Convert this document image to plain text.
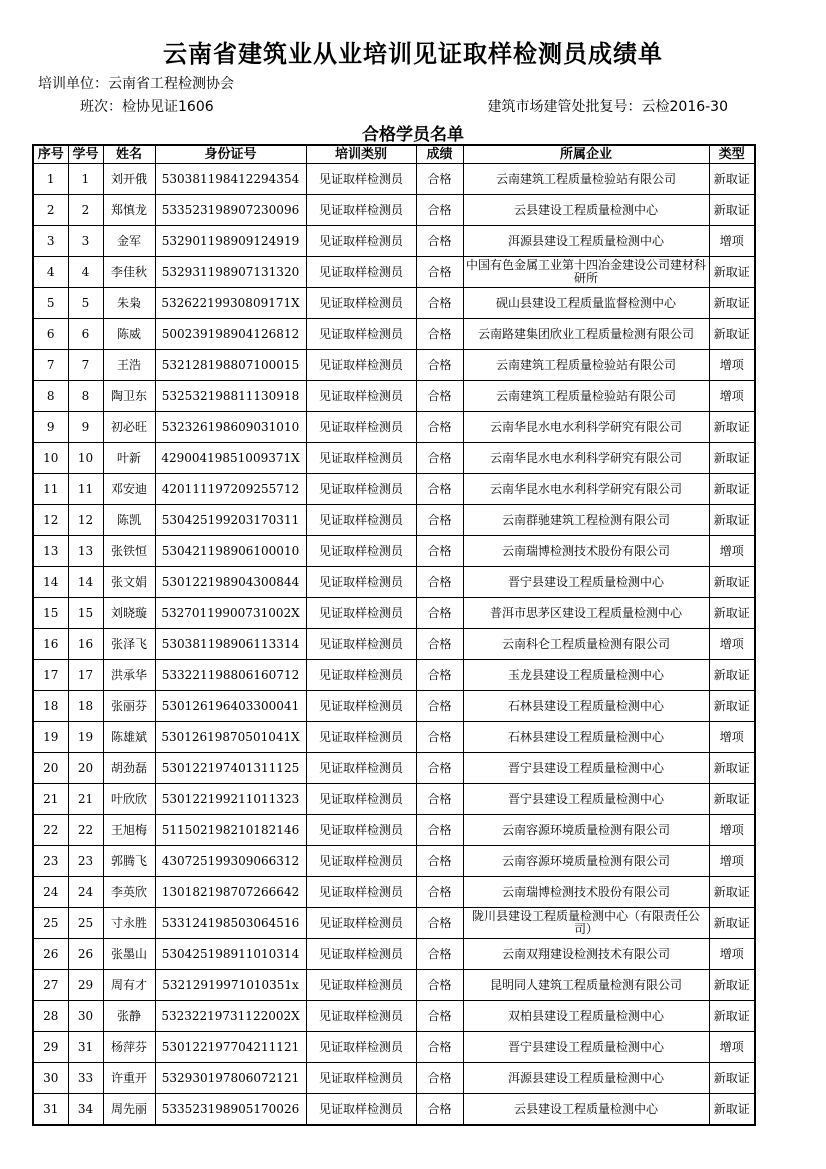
云南省建筑业从业培训见证取样检测员成绩单
培训单位：云南省工程检测协会
班次：检协见证1606	建筑市场建管处批复号：云检2016-30
合格学员名单
序号	学号	姓名	身份证号	培训类别	成绩	所属企业	类型
1	1	刘开俄	530381198412294354	见证取样检测员	合格	云南建筑工程质量检验站有限公司	新取证
2	2	郑慎龙	533523198907230096	见证取样检测员	合格	云县建设工程质量检测中心	新取证
3	3	金军	532901198909124919	见证取样检测员	合格	洱源县建设工程质量检测中心	增项
4	4	李佳秋	532931198907131320	见证取样检测员	合格	中国有色金属工业第十四冶金建设公司建材科研所	新取证
5	5	朱枭	53262219930809171X	见证取样检测员	合格	砚山县建设工程质量监督检测中心	新取证
6	6	陈威	500239198904126812	见证取样检测员	合格	云南路建集团欣业工程质量检测有限公司	新取证
7	7	王浩	532128198807100015	见证取样检测员	合格	云南建筑工程质量检验站有限公司	增项
8	8	陶卫东	532532198811130918	见证取样检测员	合格	云南建筑工程质量检验站有限公司	增项
9	9	初必旺	532326198609031010	见证取样检测员	合格	云南华昆水电水利科学研究有限公司	新取证
10	10	叶新	42900419851009371X	见证取样检测员	合格	云南华昆水电水利科学研究有限公司	新取证
11	11	邓安迪	420111197209255712	见证取样检测员	合格	云南华昆水电水利科学研究有限公司	新取证
12	12	陈凯	530425199203170311	见证取样检测员	合格	云南群驰建筑工程检测有限公司	新取证
13	13	张铁恒	530421198906100010	见证取样检测员	合格	云南瑞博检测技术股份有限公司	增项
14	14	张文娟	530122198904300844	见证取样检测员	合格	晋宁县建设工程质量检测中心	新取证
15	15	刘晓璇	53270119900731002X	见证取样检测员	合格	普洱市思茅区建设工程质量检测中心	新取证
16	16	张泽飞	530381198906113314	见证取样检测员	合格	云南科仑工程质量检测有限公司	增项
17	17	洪承华	533221198806160712	见证取样检测员	合格	玉龙县建设工程质量检测中心	新取证
18	18	张丽芬	530126196403300041	见证取样检测员	合格	石林县建设工程质量检测中心	新取证
19	19	陈雄斌	53012619870501041X	见证取样检测员	合格	石林县建设工程质量检测中心	增项
20	20	胡劲磊	530122197401311125	见证取样检测员	合格	晋宁县建设工程质量检测中心	新取证
21	21	叶欣欣	530122199211011323	见证取样检测员	合格	晋宁县建设工程质量检测中心	新取证
22	22	王旭梅	511502198210182146	见证取样检测员	合格	云南容源环境质量检测有限公司	增项
23	23	郭腾飞	430725199309066312	见证取样检测员	合格	云南容源环境质量检测有限公司	增项
24	24	李英欣	130182198707266642	见证取样检测员	合格	云南瑞博检测技术股份有限公司	新取证
25	25	寸永胜	533124198503064516	见证取样检测员	合格	陇川县建设工程质量检测中心（有限责任公司）	新取证
26	26	张墨山	530425198911010314	见证取样检测员	合格	云南双翔建设检测技术有限公司	增项
27	29	周有才	53212919971010351x	见证取样检测员	合格	昆明同人建筑工程质量检测有限公司	新取证
28	30	张静	53232219731122002X	见证取样检测员	合格	双柏县建设工程质量检测中心	新取证
29	31	杨萍芬	530122197704211121	见证取样检测员	合格	晋宁县建设工程质量检测中心	增项
30	33	许重开	532930197806072121	见证取样检测员	合格	洱源县建设工程质量检测中心	新取证
31	34	周先丽	533523198905170026	见证取样检测员	合格	云县建设工程质量检测中心	新取证
